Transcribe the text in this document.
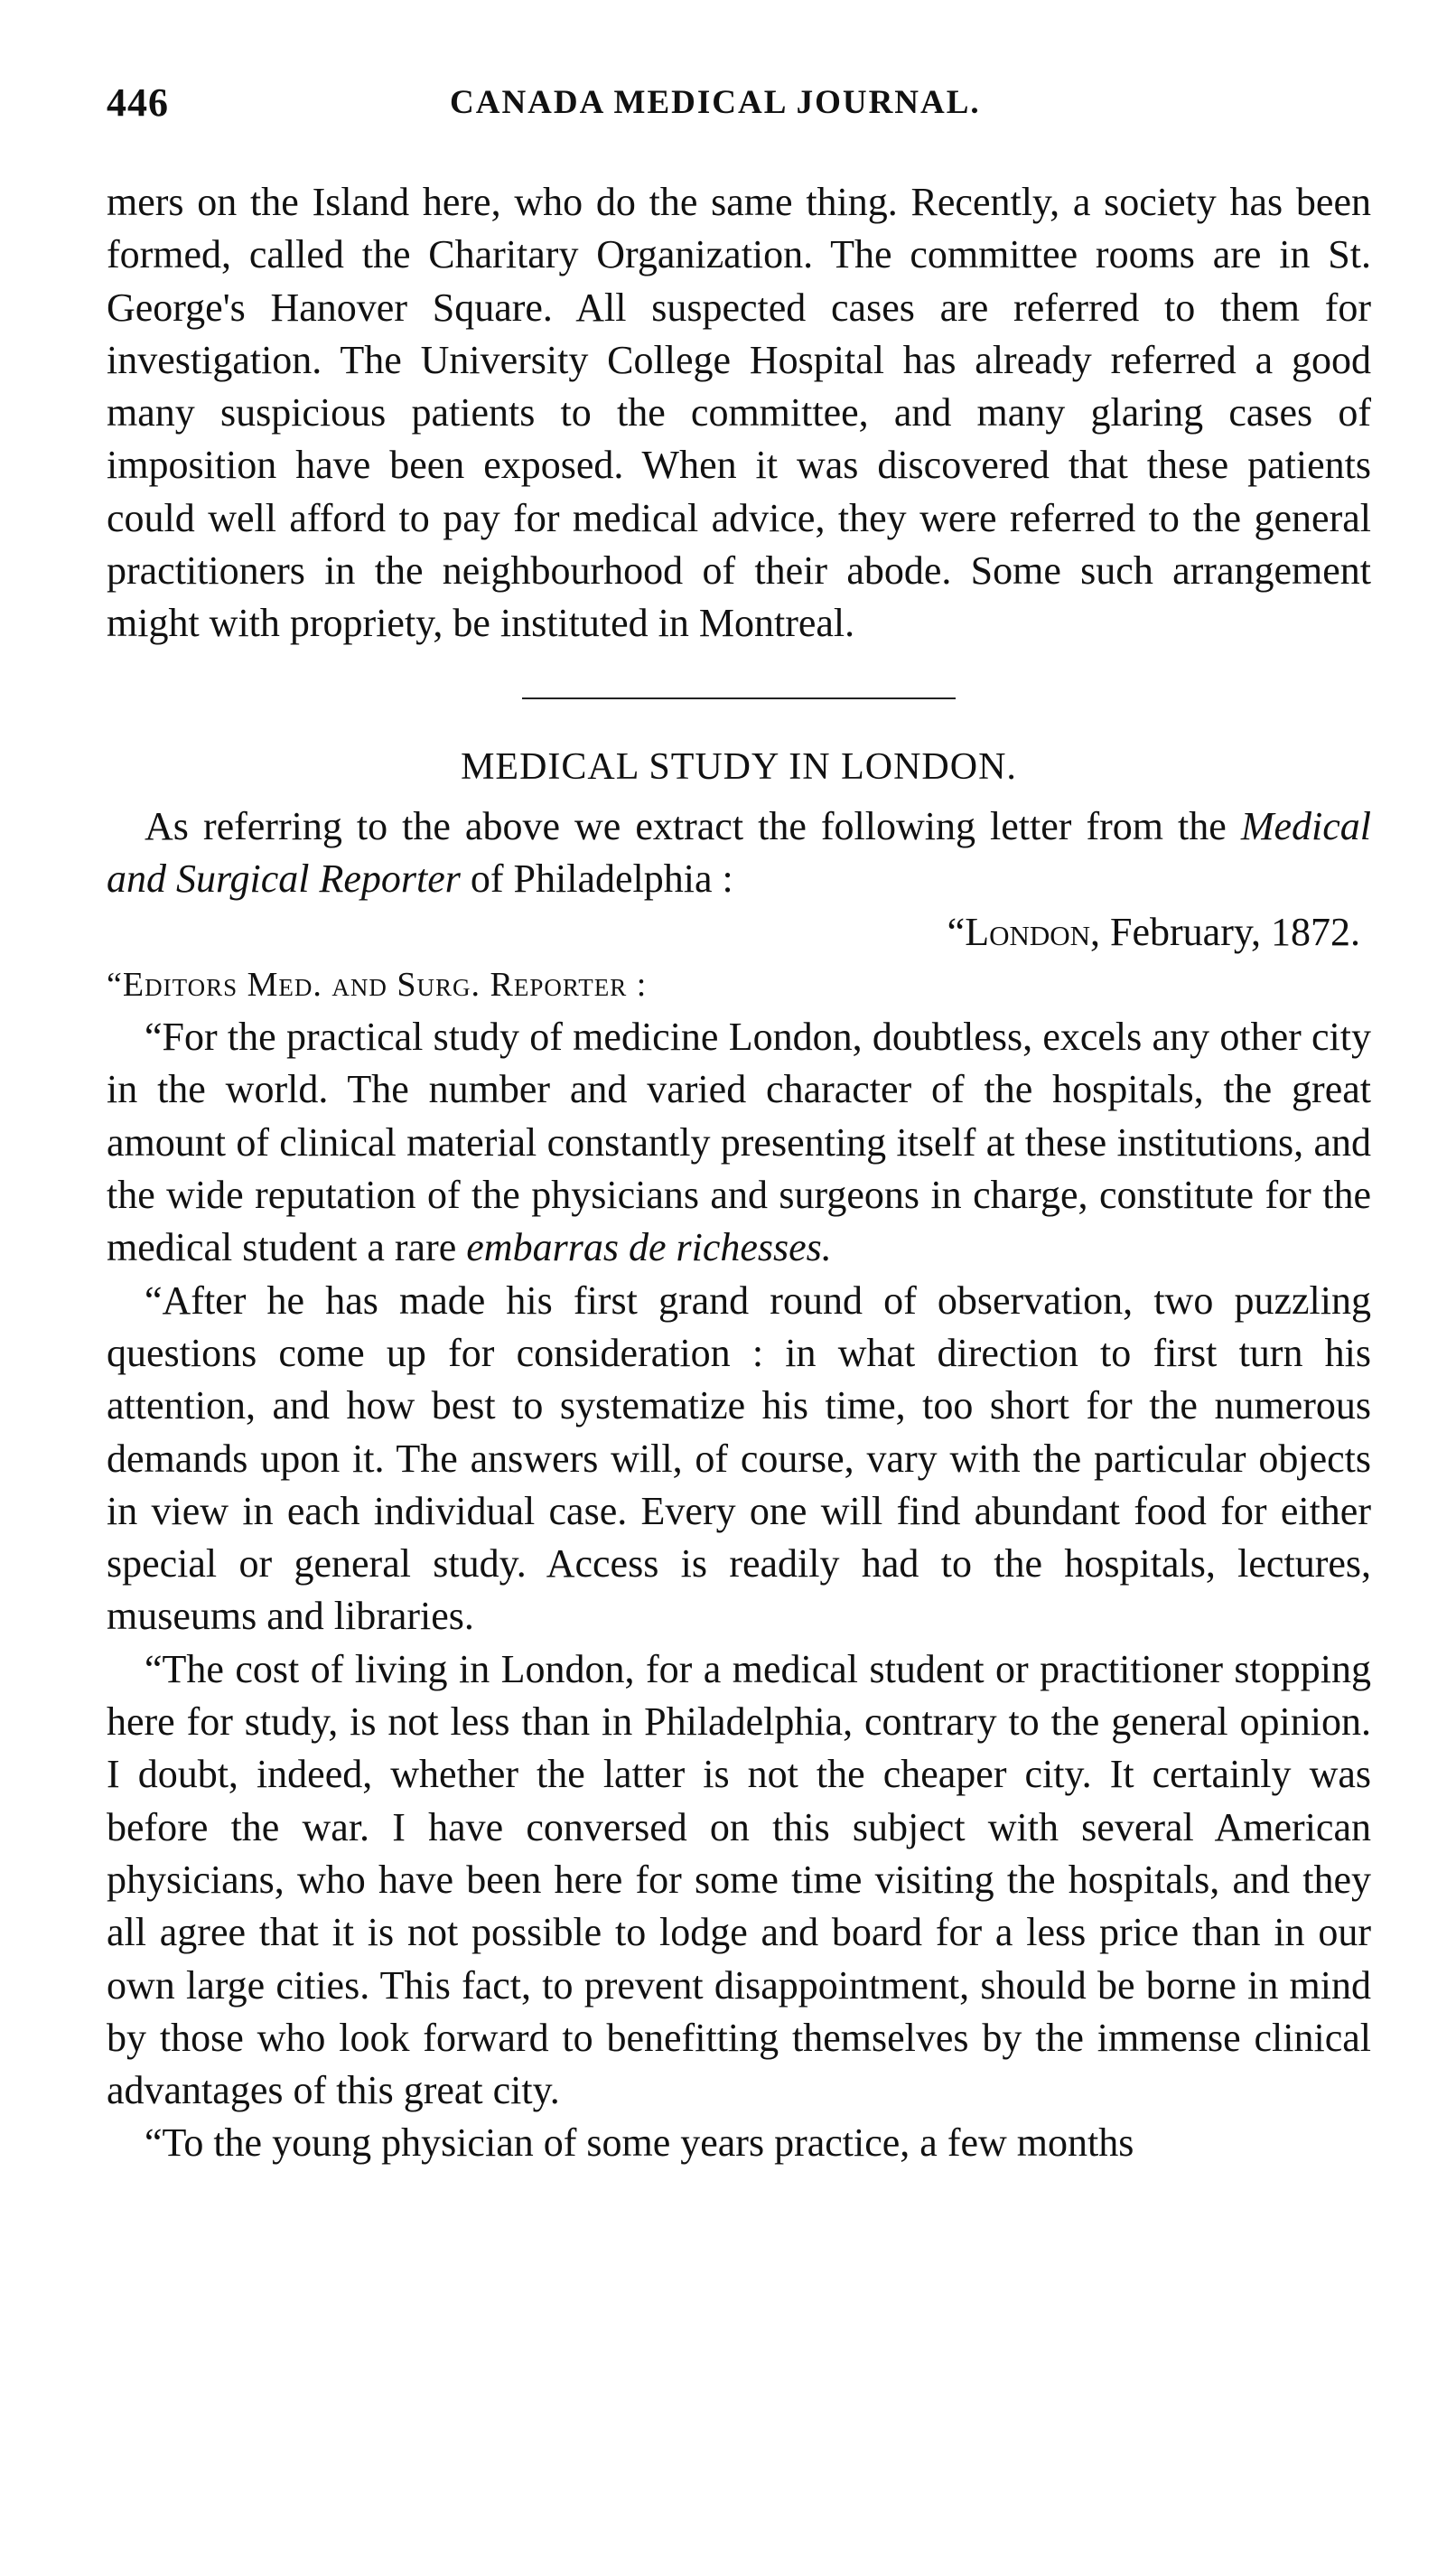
446	CANADA MEDICAL JOURNAL.

mers on the Island here, who do the same thing. Recently, a society has been formed, called the Charitary Organization. The committee rooms are in St. George's Hanover Square. All suspected cases are referred to them for investigation. The University College Hospital has already referred a good many suspicious patients to the committee, and many glaring cases of imposition have been exposed. When it was discovered that these patients could well afford to pay for medical advice, they were referred to the general practitioners in the neighbourhood of their abode. Some such arrangement might with propriety, be instituted in Montreal.

MEDICAL STUDY IN LONDON.

As referring to the above we extract the following letter from the Medical and Surgical Reporter of Philadelphia :

“London, February, 1872.

“Editors Med. and Surg. Reporter :

“For the practical study of medicine London, doubtless, excels any other city in the world. The number and varied character of the hospitals, the great amount of clinical material constantly presenting itself at these institutions, and the wide reputation of the physicians and surgeons in charge, constitute for the medical student a rare embarras de richesses.

“After he has made his first grand round of observation, two puzzling questions come up for consideration : in what direction to first turn his attention, and how best to systematize his time, too short for the numerous demands upon it. The answers will, of course, vary with the particular objects in view in each individual case. Every one will find abundant food for either special or general study. Access is readily had to the hospitals, lectures, museums and libraries.

“The cost of living in London, for a medical student or practitioner stopping here for study, is not less than in Philadelphia, contrary to the general opinion. I doubt, indeed, whether the latter is not the cheaper city. It certainly was before the war. I have conversed on this subject with several American physicians, who have been here for some time visiting the hospitals, and they all agree that it is not possible to lodge and board for a less price than in our own large cities. This fact, to prevent disappointment, should be borne in mind by those who look forward to benefitting themselves by the immense clinical advantages of this great city.

“To the young physician of some years practice, a few months
